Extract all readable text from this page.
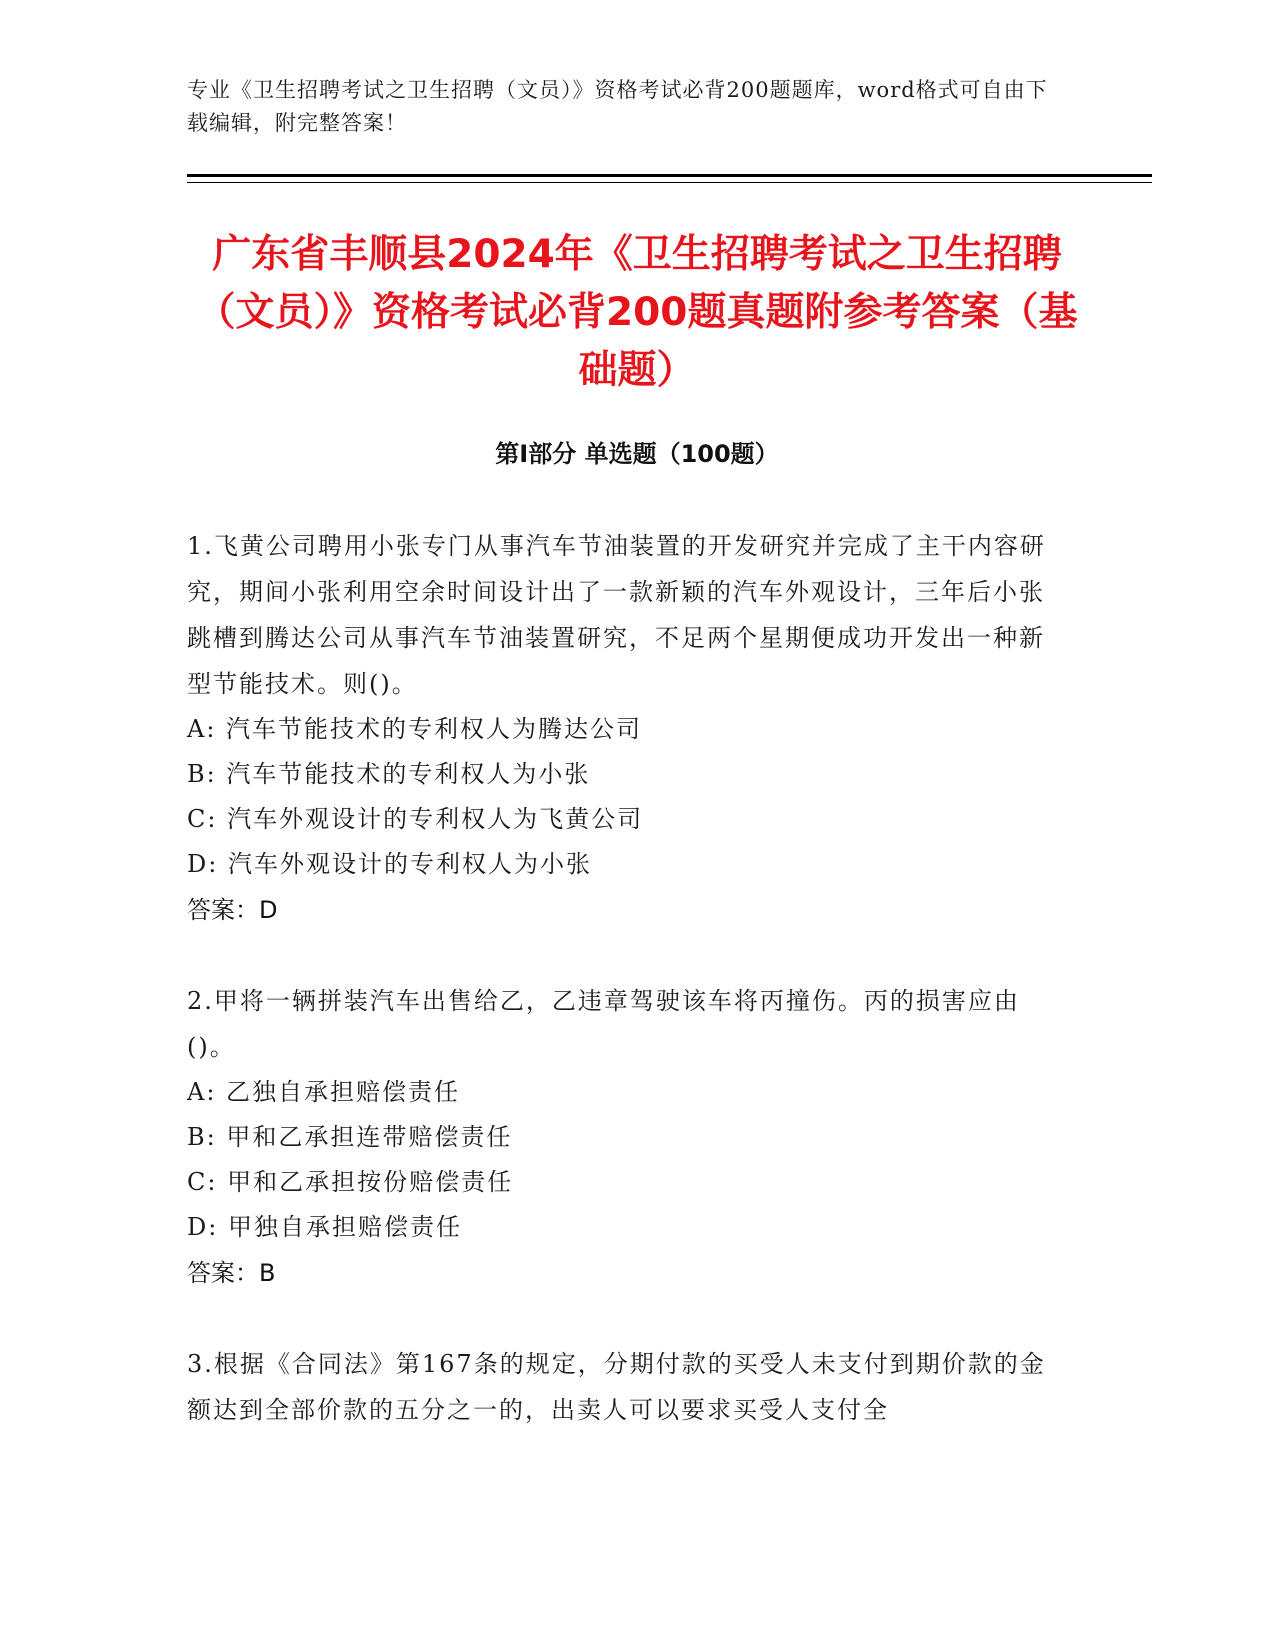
专业《卫生招聘考试之卫生招聘（文员）》资格考试必背200题题库，word格式可自由下载编辑，附完整答案！
广东省丰顺县2024年《卫生招聘考试之卫生招聘（文员）》资格考试必背200题真题附参考答案（基础题）
第I部分 单选题（100题）

1.飞黄公司聘用小张专门从事汽车节油装置的开发研究并完成了主干内容研究，期间小张利用空余时间设计出了一款新颖的汽车外观设计，三年后小张跳槽到腾达公司从事汽车节油装置研究，不足两个星期便成功开发出一种新型节能技术。则()。

A: 汽车节能技术的专利权人为腾达公司

B: 汽车节能技术的专利权人为小张

C: 汽车外观设计的专利权人为飞黄公司

D: 汽车外观设计的专利权人为小张

答案：D

2.甲将一辆拼装汽车出售给乙，乙违章驾驶该车将丙撞伤。丙的损害应由()。

A: 乙独自承担赔偿责任

B: 甲和乙承担连带赔偿责任

C: 甲和乙承担按份赔偿责任

D: 甲独自承担赔偿责任

答案：B

3.根据《合同法》第167条的规定，分期付款的买受人未支付到期价款的金额达到全部价款的五分之一的，出卖人可以要求买受人支付全
